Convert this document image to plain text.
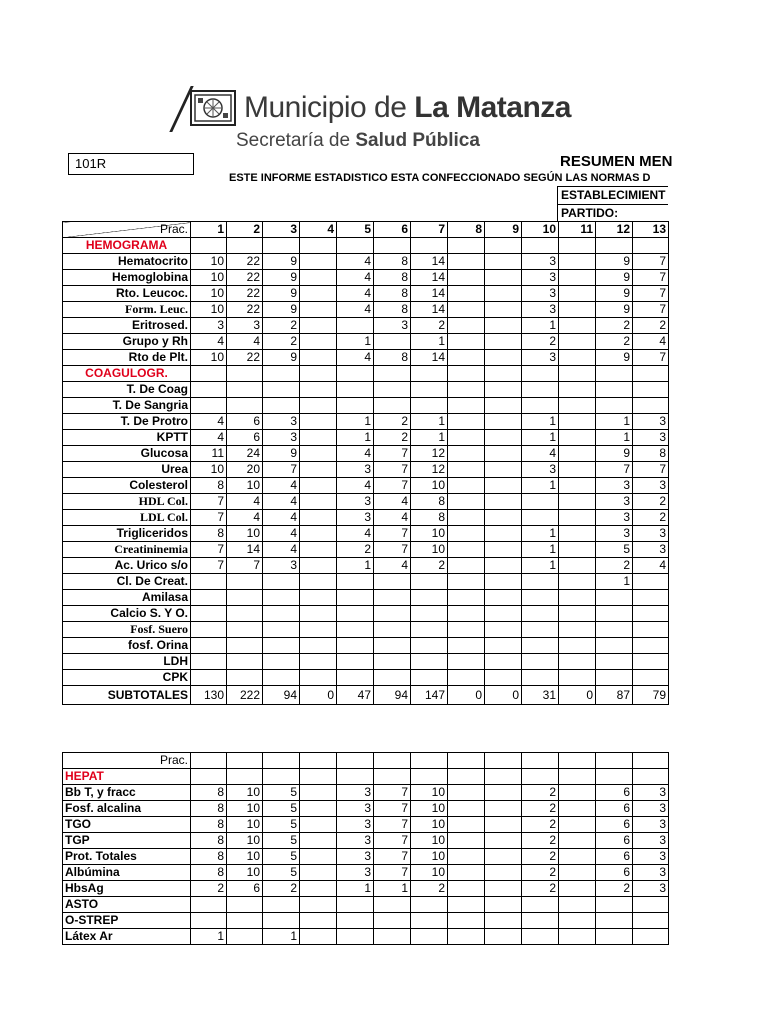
Municipio de La Matanza
Secretaría de Salud Pública
101R	RESUMEN MEN
ESTE INFORME ESTADISTICO ESTA CONFECCIONADO SEGÚN LAS NORMAS D
ESTABLECIMIENT
PARTIDO:
Prac.	1	2	3	4	5	6	7	8	9	10	11	12	13
HEMOGRAMA													
Hematocrito	10	22	9		4	8	14			3		9	7
Hemoglobina	10	22	9		4	8	14			3		9	7
Rto. Leucoc.	10	22	9		4	8	14			3		9	7
Form. Leuc.	10	22	9		4	8	14			3		9	7
Eritrosed.	3	3	2			3	2			1		2	2
Grupo y Rh	4	4	2		1		1			2		2	4
Rto de Plt.	10	22	9		4	8	14			3		9	7
COAGULOGR.													
T. De Coag													
T. De Sangria													
T. De Protro	4	6	3		1	2	1			1		1	3
KPTT	4	6	3		1	2	1			1		1	3
Glucosa	11	24	9		4	7	12			4		9	8
Urea	10	20	7		3	7	12			3		7	7
Colesterol	8	10	4		4	7	10			1		3	3
HDL Col.	7	4	4		3	4	8					3	2
LDL Col.	7	4	4		3	4	8					3	2
Trigliceridos	8	10	4		4	7	10			1		3	3
Creatininemia	7	14	4		2	7	10			1		5	3
Ac. Urico s/o	7	7	3		1	4	2			1		2	4
Cl. De Creat.												1	
Amilasa													
Calcio S. Y O.													
Fosf. Suero													
fosf. Orina													
LDH													
CPK													
SUBTOTALES	130	222	94	0	47	94	147	0	0	31	0	87	79
Prac.													
HEPAT													
Bb T, y fracc	8	10	5		3	7	10			2		6	3
Fosf. alcalina	8	10	5		3	7	10			2		6	3
TGO	8	10	5		3	7	10			2		6	3
TGP	8	10	5		3	7	10			2		6	3
Prot. Totales	8	10	5		3	7	10			2		6	3
Albúmina	8	10	5		3	7	10			2		6	3
HbsAg	2	6	2		1	1	2			2		2	3
ASTO													
O-STREP													
Látex Ar	1		1										
